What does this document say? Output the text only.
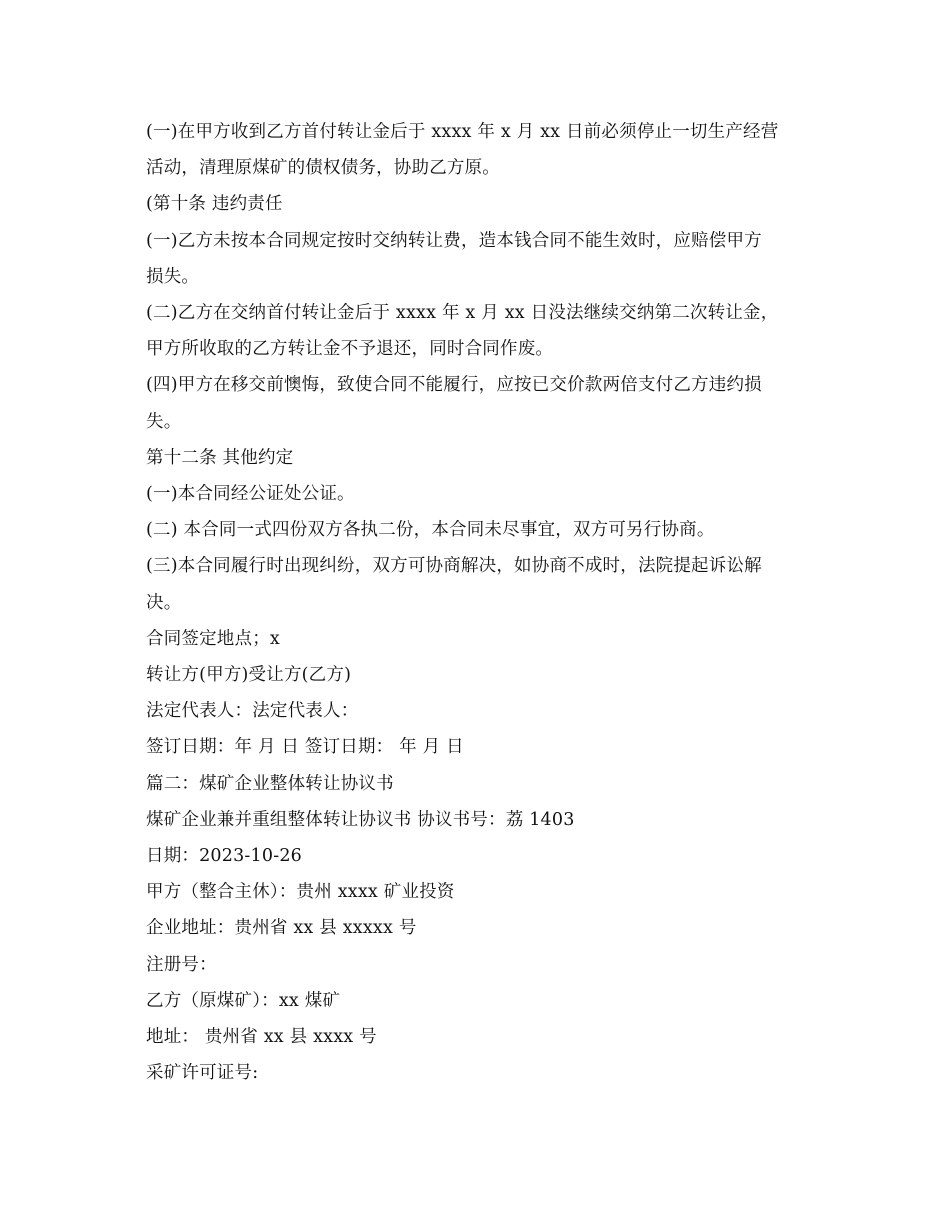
(一)在甲方收到乙方首付转让金后于 xxxx 年 x 月 xx 日前必须停止一切生产经营
活动，清理原煤矿的债权债务，协助乙方原。
(第十条 违约责任
(一)乙方未按本合同规定按时交纳转让费，造本钱合同不能生效时，应赔偿甲方
损失。
(二)乙方在交纳首付转让金后于 xxxx 年 x 月 xx 日没法继续交纳第二次转让金，
甲方所收取的乙方转让金不予退还，同时合同作废。
(四)甲方在移交前懊悔，致使合同不能履行，应按已交价款两倍支付乙方违约损
失。
第十二条 其他约定
(一)本合同经公证处公证。
(二) 本合同一式四份双方各执二份，本合同未尽事宜，双方可另行协商。
(三)本合同履行时出现纠纷，双方可协商解决，如协商不成时，法院提起诉讼解
决。
合同签定地点；x
转让方(甲方)受让方(乙方)
法定代表人：法定代表人：
签订日期：年 月 日 签订日期： 年 月 日
篇二：煤矿企业整体转让协议书
煤矿企业兼并重组整体转让协议书 协议书号：荔 1403
日期：2023-10-26
甲方（整合主休）：贵州 xxxx 矿业投资
企业地址：贵州省 xx 县 xxxxx 号
注册号：
乙方（原煤矿）：xx 煤矿
地址： 贵州省 xx 县 xxxx 号
采矿许可证号:
